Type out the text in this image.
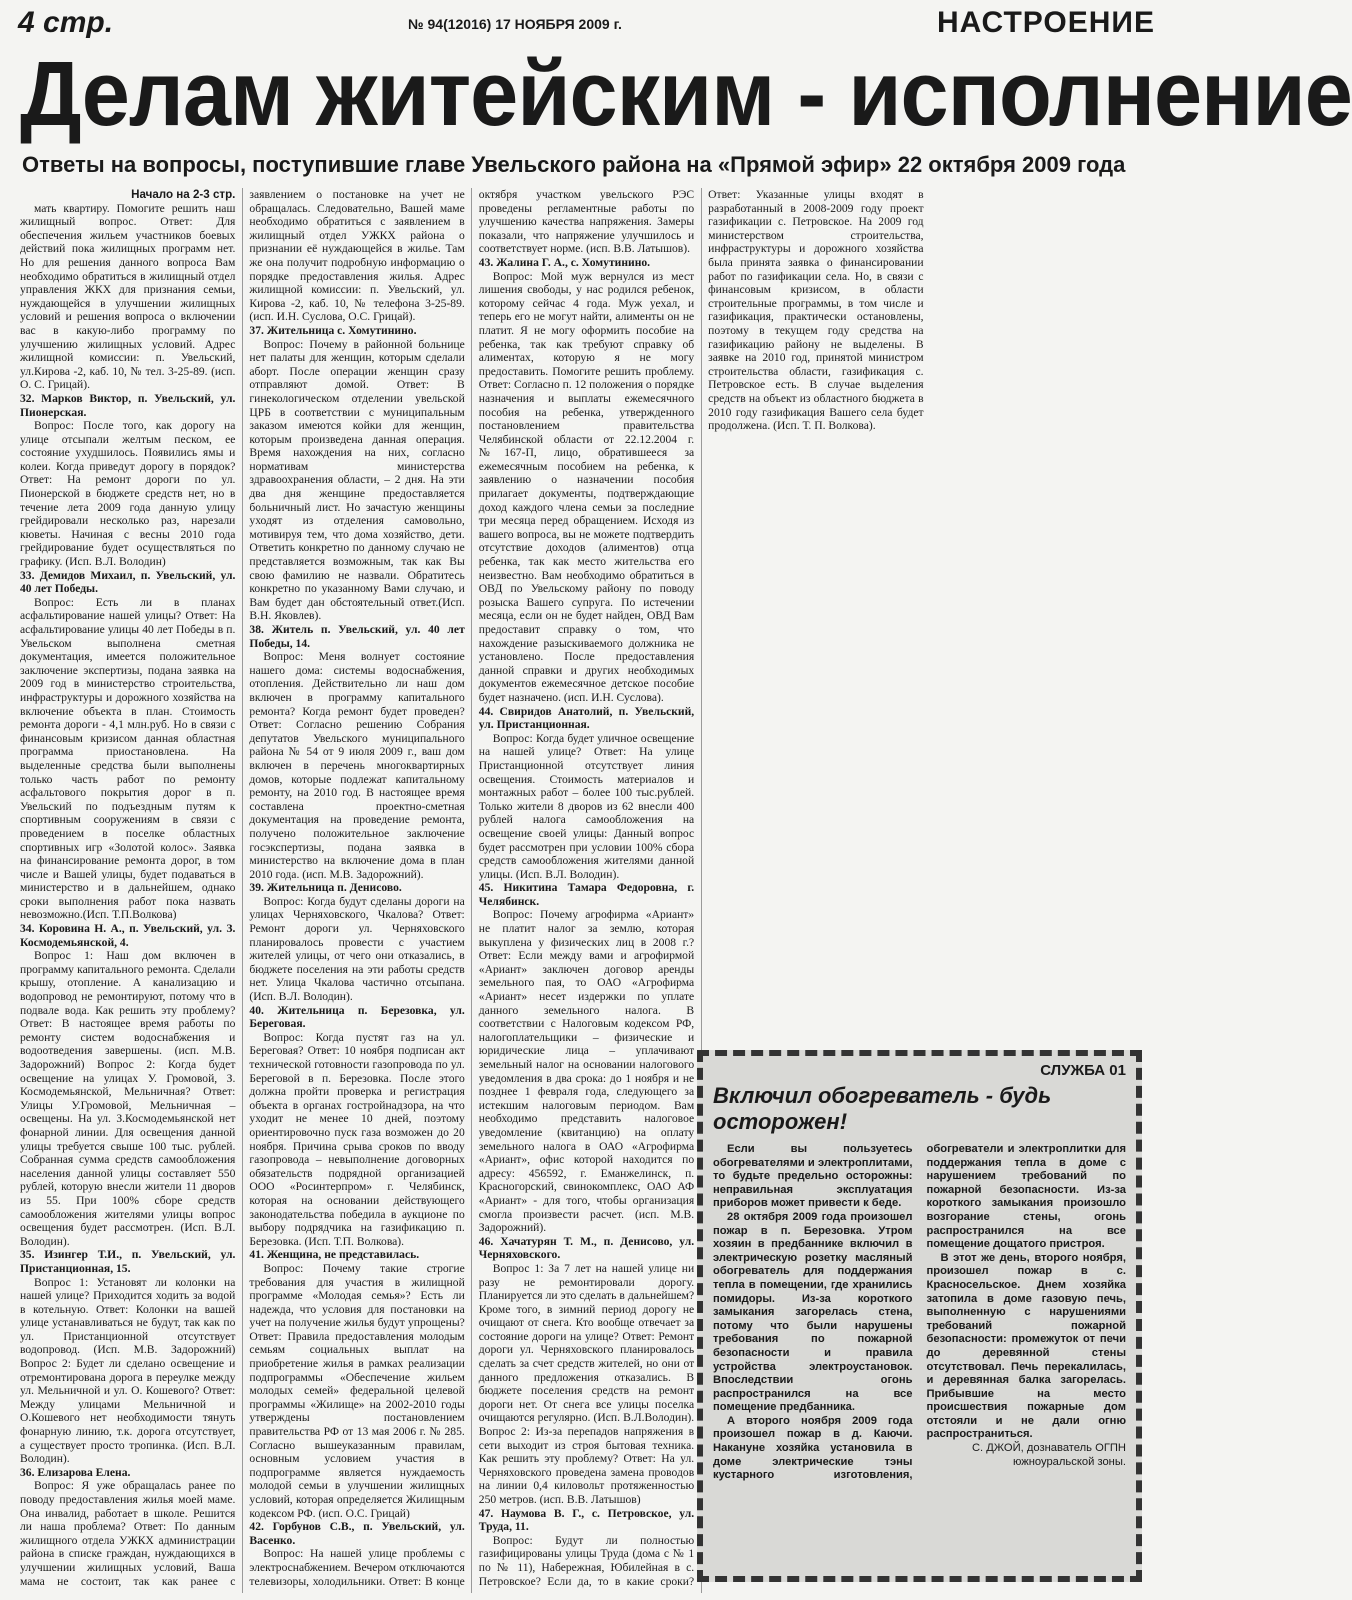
4 стр.	№ 94(12016) 17 НОЯБРЯ 2009 г.	НАСТРОЕНИЕ
Делам житейским - исполнение
Ответы на вопросы, поступившие главе Увельского района на «Прямой эфир» 22 октября 2009 года

Начало на 2-3 стр.

мать квартиру. Помогите решить наш жилищный вопрос. Ответ: Для обеспечения жильем участников боевых действий пока жилищных программ нет. Но для решения данного вопроса Вам необходимо обратиться в жилищный отдел управления ЖКХ для признания семьи, нуждающейся в улучшении жилищных условий и решения вопроса о включении вас в какую-либо программу по улучшению жилищных условий. Адрес жилищной комиссии: п. Увельский, ул.Кирова -2, каб. 10, № тел. 3-25-89. (исп. О. С. Грицай).

32. Марков Виктор, п. Увельский, ул. Пионерская.

Вопрос: После того, как дорогу на улице отсыпали желтым песком, ее состояние ухудшилось. Появились ямы и колеи. Когда приведут дорогу в порядок? Ответ: На ремонт дороги по ул. Пионерской в бюджете средств нет, но в течение лета 2009 года данную улицу грейдировали несколько раз, нарезали кюветы. Начиная с весны 2010 года грейдирование будет осуществляться по графику. (Исп. В.Л. Володин)

33. Демидов Михаил, п. Увельский, ул. 40 лет Победы.

Вопрос: Есть ли в планах асфальтирование нашей улицы? Ответ: На асфальтирование улицы 40 лет Победы в п. Увельском выполнена сметная документация, имеется положительное заключение экспертизы, подана заявка на 2009 год в министерство строительства, инфраструктуры и дорожного хозяйства на включение объекта в план. Стоимость ремонта дороги - 4,1 млн.руб. Но в связи с финансовым кризисом данная областная программа приостановлена. На выделенные средства были выполнены только часть работ по ремонту асфальтового покрытия дорог в п. Увельский по подъездным путям к спортивным сооружениям в связи с проведением в поселке областных спортивных игр «Золотой колос». Заявка на финансирование ремонта дорог, в том числе и Вашей улицы, будет подаваться в министерство и в дальнейшем, однако сроки выполнения работ пока назвать невозможно.(Исп. Т.П.Волкова)

34. Коровина Н. А., п. Увельский, ул. З. Космодемьянской, 4.

Вопрос 1: Наш дом включен в программу капитального ремонта. Сделали крышу, отопление. А канализацию и водопровод не ремонтируют, потому что в подвале вода. Как решить эту проблему? Ответ: В настоящее время работы по ремонту систем водоснабжения и водоотведения завершены. (исп. М.В. Задорожний) Вопрос 2: Когда будет освещение на улицах У. Громовой, З. Космодемьянской, Мельничная? Ответ: Улицы У.Громовой, Мельничная – освещены. На ул. З.Космодемьянской нет фонарной линии. Для освещения данной улицы требуется свыше 100 тыс. рублей. Собранная сумма средств самообложения населения данной улицы составляет 550 рублей, которую внесли жители 11 дворов из 55. При 100% сборе средств самообложения жителями улицы вопрос освещения будет рассмотрен. (Исп. В.Л. Володин).

35. Изингер Т.И., п. Увельский, ул. Пристанционная, 15.

Вопрос 1: Установят ли колонки на нашей улице? Приходится ходить за водой в котельную. Ответ: Колонки на вашей улице устанавливаться не будут, так как по ул. Пристанционной отсутствует водопровод. (Исп. М.В. Задорожний) Вопрос 2: Будет ли сделано освещение и отремонтирована дорога в переулке между ул. Мельничной и ул. О. Кошевого? Ответ: Между улицами Мельничной и О.Кошевого нет необходимости тянуть фонарную линию, т.к. дорога отсутствует, а существует просто тропинка. (Исп. В.Л. Володин).

36. Елизарова Елена.

Вопрос: Я уже обращалась ранее по поводу предоставления жилья моей маме. Она инвалид, работает в школе. Решится ли наша проблема? Ответ: По данным жилищного отдела УЖКХ администрации района в списке граждан, нуждающихся в улучшении жилищных условий, Ваша мама не состоит, так как ранее с заявлением о постановке на учет не обращалась. Следовательно, Вашей маме необходимо обратиться с заявлением в жилищный отдел УЖКХ района о признании её нуждающейся в жилье. Там же она получит подробную информацию о порядке предоставления жилья. Адрес жилищной комиссии: п. Увельский, ул. Кирова -2, каб. 10, № телефона 3-25-89. (исп. И.Н. Суслова, О.С. Грицай).

37. Жительница с. Хомутинино.

Вопрос: Почему в районной больнице нет палаты для женщин, которым сделали аборт. После операции женщин сразу отправляют домой. Ответ: В гинекологическом отделении увельской ЦРБ в соответствии с муниципальным заказом имеются койки для женщин, которым произведена данная операция. Время нахождения на них, согласно нормативам министерства здравоохранения области, – 2 дня. На эти два дня женщине предоставляется больничный лист. Но зачастую женщины уходят из отделения самовольно, мотивируя тем, что дома хозяйство, дети. Ответить конкретно по данному случаю не представляется возможным, так как Вы свою фамилию не назвали. Обратитесь конкретно по указанному Вами случаю, и Вам будет дан обстоятельный ответ.(Исп. В.Н. Яковлев).

38. Житель п. Увельский, ул. 40 лет Победы, 14.

Вопрос: Меня волнует состояние нашего дома: системы водоснабжения, отопления. Действительно ли наш дом включен в программу капитального ремонта? Когда ремонт будет проведен? Ответ: Согласно решению Собрания депутатов Увельского муниципального района № 54 от 9 июля 2009 г., ваш дом включен в перечень многоквартирных домов, которые подлежат капитальному ремонту, на 2010 год. В настоящее время составлена проектно-сметная документация на проведение ремонта, получено положительное заключение госэкспертизы, подана заявка в министерство на включение дома в план 2010 года. (исп. М.В. Задорожний).

39. Жительница п. Денисово.

Вопрос: Когда будут сделаны дороги на улицах Черняховского, Чкалова? Ответ: Ремонт дороги ул. Черняховского планировалось провести с участием жителей улицы, от чего они отказались, в бюджете поселения на эти работы средств нет. Улица Чкалова частично отсыпана. (Исп. В.Л. Володин).

40. Жительница п. Березовка, ул. Береговая.

Вопрос: Когда пустят газ на ул. Береговая? Ответ: 10 ноября подписан акт технической готовности газопровода по ул. Береговой в п. Березовка. После этого должна пройти проверка и регистрация объекта в органах гостройнадзора, на что уходит не менее 10 дней, поэтому ориентировочно пуск газа возможен до 20 ноября. Причина срыва сроков по вводу газопровода – невыполнение договорных обязательств подрядной организацией ООО «Росинтерпром» г. Челябинск, которая на основании действующего законодательства победила в аукционе по выбору подрядчика на газификацию п. Березовка. (Исп. Т.П. Волкова).

41. Женщина, не представилась.

Вопрос: Почему такие строгие требования для участия в жилищной программе «Молодая семья»? Есть ли надежда, что условия для постановки на учет на получение жилья будут упрощены? Ответ: Правила предоставления молодым семьям социальных выплат на приобретение жилья в рамках реализации подпрограммы «Обеспечение жильем молодых семей» федеральной целевой программы «Жилище» на 2002-2010 годы утверждены постановлением правительства РФ от 13 мая 2006 г. № 285. Согласно вышеуказанным правилам, основным условием участия в подпрограмме является нуждаемость молодой семьи в улучшении жилищных условий, которая определяется Жилищным кодексом РФ. (исп. О.С. Грицай)

42. Горбунов С.В., п. Увельский, ул. Васенко.

Вопрос: На нашей улице проблемы с электроснабжением. Вечером отключаются телевизоры, холодильники. Ответ: В конце октября участком увельского РЭС проведены регламентные работы по улучшению качества напряжения. Замеры показали, что напряжение улучшилось и соответствует норме. (исп. В.В. Латышов).

43. Жалина Г. А., с. Хомутинино.

Вопрос: Мой муж вернулся из мест лишения свободы, у нас родился ребенок, которому сейчас 4 года. Муж уехал, и теперь его не могут найти, алименты он не платит. Я не могу оформить пособие на ребенка, так как требуют справку об алиментах, которую я не могу предоставить. Помогите решить проблему. Ответ: Согласно п. 12 положения о порядке назначения и выплаты ежемесячного пособия на ребенка, утвержденного постановлением правительства Челябинской области от 22.12.2004 г. №167-П, лицо, обратившееся за ежемесячным пособием на ребенка, к заявлению о назначении пособия прилагает документы, подтверждающие доход каждого члена семьи за последние три месяца перед обращением. Исходя из вашего вопроса, вы не можете подтвердить отсутствие доходов (алиментов) отца ребенка, так как место жительства его неизвестно. Вам необходимо обратиться в ОВД по Увельскому району по поводу розыска Вашего супруга. По истечении месяца, если он не будет найден, ОВД Вам предоставит справку о том, что нахождение разыскиваемого должника не установлено. После предоставления данной справки и других необходимых документов ежемесячное детское пособие будет назначено. (исп. И.Н. Суслова).

44. Свиридов Анатолий, п. Увельский, ул. Пристанционная.

Вопрос: Когда будет уличное освещение на нашей улице? Ответ: На улице Пристанционной отсутствует линия освещения. Стоимость материалов и монтажных работ – более 100 тыс.рублей. Только жители 8 дворов из 62 внесли 400 рублей налога самообложения на освещение своей улицы: Данный вопрос будет рассмотрен при условии 100% сбора средств самообложения жителями данной улицы. (Исп. В.Л. Володин).

45. Никитина Тамара Федоровна, г. Челябинск.

Вопрос: Почему агрофирма «Ариант» не платит налог за землю, которая выкуплена у физических лиц в 2008 г.? Ответ: Если между вами и агрофирмой «Ариант» заключен договор аренды земельного пая, то ОАО «Агрофирма «Ариант» несет издержки по уплате данного земельного налога. В соответствии с Налоговым кодексом РФ, налогоплательщики – физические и юридические лица – уплачивают земельный налог на основании налогового уведомления в два срока: до 1 ноября и не позднее 1 февраля года, следующего за истекшим налоговым периодом. Вам необходимо представить налоговое уведомление (квитанцию) на оплату земельного налога в ОАО «Агрофирма «Ариант», офис которой находится по адресу: 456592, г. Еманжелинск, п. Красногорский, свинокомплекс, ОАО АФ «Ариант» - для того, чтобы организация смогла произвести расчет. (исп. М.В. Задорожний).

46. Хачатурян Т. М., п. Денисово, ул. Черняховского.

Вопрос 1: За 7 лет на нашей улице ни разу не ремонтировали дорогу. Планируется ли это сделать в дальнейшем? Кроме того, в зимний период дорогу не очищают от снега. Кто вообще отвечает за состояние дороги на улице? Ответ: Ремонт дороги ул. Черняховского планировалось сделать за счет средств жителей, но они от данного предложения отказались. В бюджете поселения средств на ремонт дороги нет. От снега все улицы поселка очищаются регулярно. (Исп. В.Л.Володин). Вопрос 2: Из-за перепадов напряжения в сети выходит из строя бытовая техника. Как решить эту проблему? Ответ: На ул. Черняховского проведена замена проводов на линии 0,4 киловольт протяженностью 250 метров. (исп. В.В. Латышов)

47. Наумова В. Г., с. Петровское, ул. Труда, 11.

Вопрос: Будут ли полностью газифицированы улицы Труда (дома с № 1 по № 11), Набережная, Юбилейная в с. Петровское? Если да, то в какие сроки? Ответ: Указанные улицы входят в разработанный в 2008-2009 году проект газификации с. Петровское. На 2009 год министерством строительства, инфраструктуры и дорожного хозяйства была принята заявка о финансировании работ по газификации села. Но, в связи с финансовым кризисом, в области строительные программы, в том числе и газификация, практически остановлены, поэтому в текущем году средства на газификацию району не выделены. В заявке на 2010 год, принятой министром строительства области, газификация с. Петровское есть. В случае выделения средств на объект из областного бюджета в 2010 году газификация Вашего села будет продолжена. (Исп. Т. П. Волкова).

СЛУЖБА 01
Включил обогреватель - будь осторожен!

Если вы пользуетесь обогревателями и электроплитами, то будьте предельно осторожны: неправильная эксплуатация приборов может привести к беде.

28 октября 2009 года произошел пожар в п. Березовка. Утром хозяин в предбаннике включил в электрическую розетку масляный обогреватель для поддержания тепла в помещении, где хранились помидоры. Из-за короткого замыкания загорелась стена, потому что были нарушены требования по пожарной безопасности и правила устройства электроустановок. Впоследствии огонь распространился на все помещение предбанника.

А второго ноября 2009 года произошел пожар в д. Каючи. Накануне хозяйка установила в доме электрические тэны кустарного изготовления, обогреватели и электроплитки для поддержания тепла в доме с нарушением требований по пожарной безопасности. Из-за короткого замыкания произошло возгорание стены, огонь распространился на все помещение дощатого пристроя.

В этот же день, второго ноября, произошел пожар в с. Красносельское. Днем хозяйка затопила в доме газовую печь, выполненную с нарушениями требований пожарной безопасности: промежуток от печи до деревянной стены отсутствовал. Печь перекалилась, и деревянная балка загорелась. Прибывшие на место происшествия пожарные дом отстояли и не дали огню распространиться.

С. ДЖОЙ, дознаватель ОГПН южноуральской зоны.
